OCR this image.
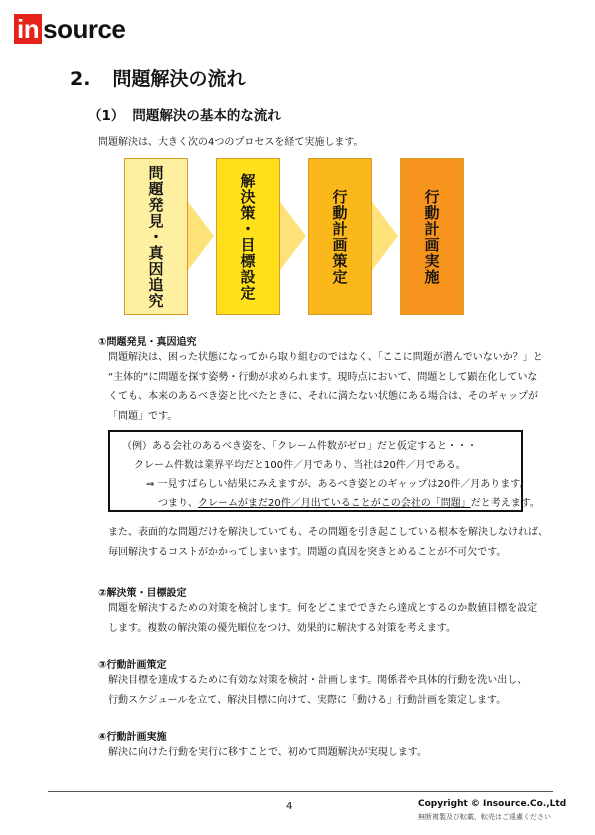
in source
2. 問題解決の流れ
（1） 問題解決の基本的な流れ
問題解決は、大きく次の4つのプロセスを経て実施します。
問題発見・真因追究	解決策・目標設定	行動計画策定	行動計画実施
①問題発見・真因追究
問題解決は、困った状態になってから取り組むのではなく、「ここに問題が潜んでいないか？」と
“主体的”に問題を探す姿勢・行動が求められます。現時点において、問題として顕在化していな
くても、本来のあるべき姿と比べたときに、それに満たない状態にある場合は、そのギャップが
「問題」です。
（例）ある会社のあるべき姿を、「クレーム件数がゼロ」だと仮定すると・・・
クレーム件数は業界平均だと100件／月であり、当社は20件／月である。
⇒ 一見すばらしい結果にみえますが、あるべき姿とのギャップは20件／月あります。
つまり、クレームがまだ20件／月出ていることがこの会社の「問題」だと考えます。
また、表面的な問題だけを解決していても、その問題を引き起こしている根本を解決しなければ、
毎回解決するコストがかかってしまいます。問題の真因を突きとめることが不可欠です。
②解決策・目標設定
問題を解決するための対策を検討します。何をどこまでできたら達成とするのか数値目標を設定
します。複数の解決策の優先順位をつけ、効果的に解決する対策を考えます。
③行動計画策定
解決目標を達成するために有効な対策を検討・計画します。関係者や具体的行動を洗い出し、
行動スケジュールを立て、解決目標に向けて、実際に「動ける」行動計画を策定します。
④行動計画実施
解決に向けた行動を実行に移すことで、初めて問題解決が実現します。
4	Copyright © Insource.Co.,Ltd
無断複製及び転載、転売はご遠慮ください
